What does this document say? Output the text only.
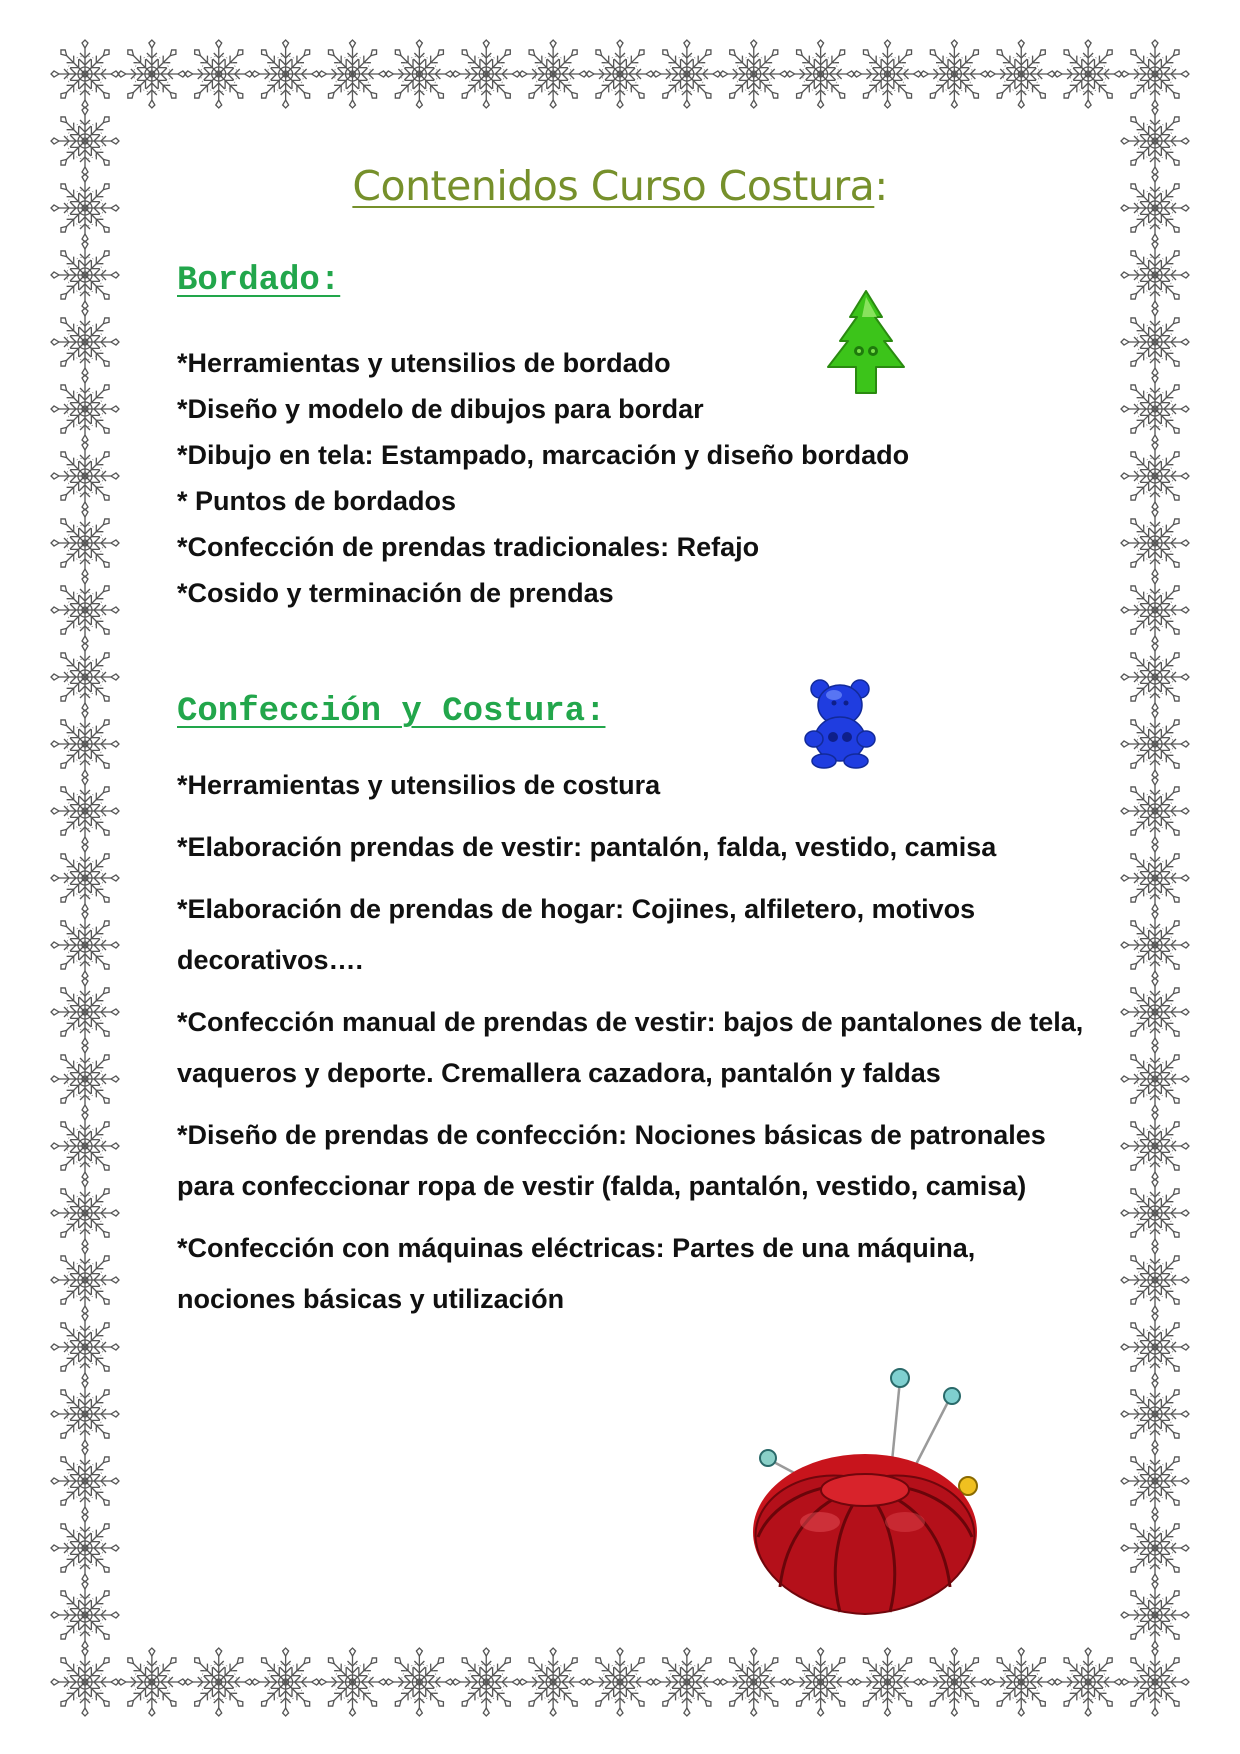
Contenidos Curso Costura:
Bordado:
*Herramientas y utensilios de bordado
*Diseño y modelo de dibujos para bordar
*Dibujo en tela: Estampado, marcación y diseño bordado
* Puntos de bordados
*Confección de prendas tradicionales: Refajo
*Cosido y terminación de prendas
Confección y Costura:
*Herramientas y utensilios de costura
*Elaboración prendas de vestir: pantalón, falda, vestido, camisa
*Elaboración de prendas de hogar: Cojines, alfiletero, motivos decorativos….
*Confección manual de prendas de vestir: bajos de pantalones de tela, vaqueros y deporte. Cremallera cazadora, pantalón y faldas
*Diseño de prendas de confección: Nociones básicas de patronales para confeccionar ropa de vestir (falda, pantalón, vestido, camisa)
*Confección con máquinas eléctricas: Partes de una máquina, nociones básicas y utilización
